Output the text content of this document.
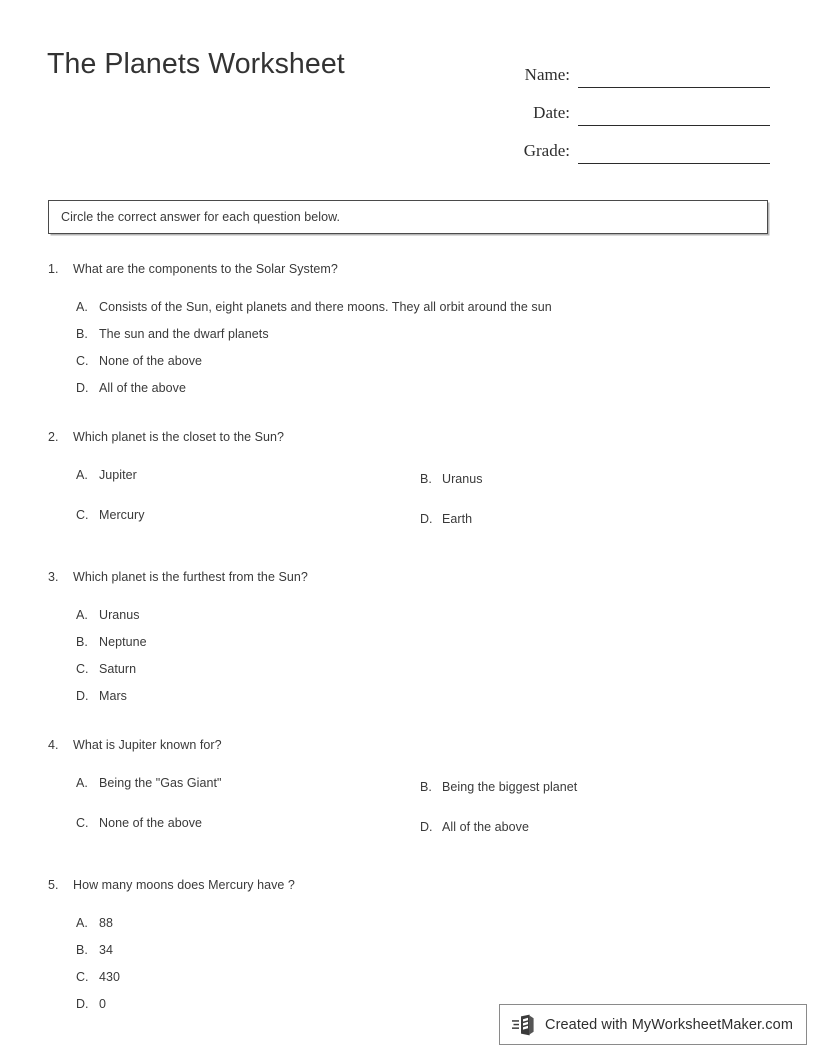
The Planets Worksheet	Name:
Date:
Grade:
Circle the correct answer for each question below.
1. What are the components to the Solar System?
A. Consists of the Sun, eight planets and there moons. They all orbit around the sun
B. The sun and the dwarf planets
C. None of the above
D. All of the above
2. Which planet is the closet to the Sun?
A. Jupiter	B. Uranus
C. Mercury	D. Earth
3. Which planet is the furthest from the Sun?
A. Uranus
B. Neptune
C. Saturn
D. Mars
4. What is Jupiter known for?
A. Being the "Gas Giant"	B. Being the biggest planet
C. None of the above	D. All of the above
5. How many moons does Mercury have ?
A. 88
B. 34
C. 430
D. 0
Created with MyWorksheetMaker.com
